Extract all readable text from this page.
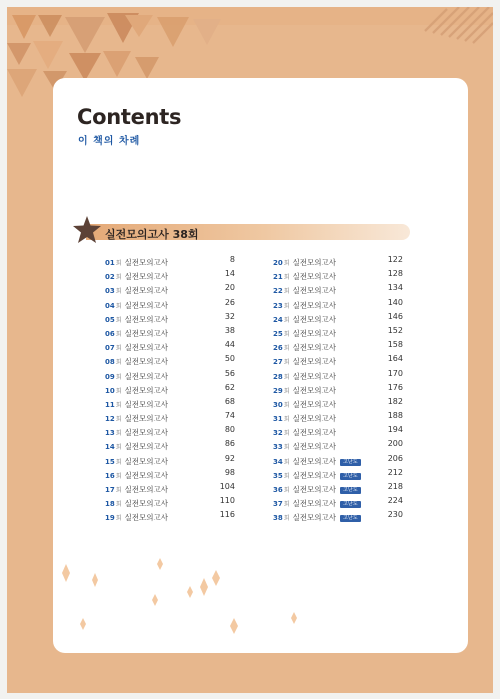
Contents
이 책의 차례
실전모의고사 38회
01회 실전모의고사	8
02회 실전모의고사	14
03회 실전모의고사	20
04회 실전모의고사	26
05회 실전모의고사	32
06회 실전모의고사	38
07회 실전모의고사	44
08회 실전모의고사	50
09회 실전모의고사	56
10회 실전모의고사	62
11회 실전모의고사	68
12회 실전모의고사	74
13회 실전모의고사	80
14회 실전모의고사	86
15회 실전모의고사	92
16회 실전모의고사	98
17회 실전모의고사	104
18회 실전모의고사	110
19회 실전모의고사	116
20회 실전모의고사	122
21회 실전모의고사	128
22회 실전모의고사	134
23회 실전모의고사	140
24회 실전모의고사	146
25회 실전모의고사	152
26회 실전모의고사	158
27회 실전모의고사	164
28회 실전모의고사	170
29회 실전모의고사	176
30회 실전모의고사	182
31회 실전모의고사	188
32회 실전모의고사	194
33회 실전모의고사	200
34회 실전모의고사 고난도	206
35회 실전모의고사 고난도	212
36회 실전모의고사 고난도	218
37회 실전모의고사 고난도	224
38회 실전모의고사 고난도	230
